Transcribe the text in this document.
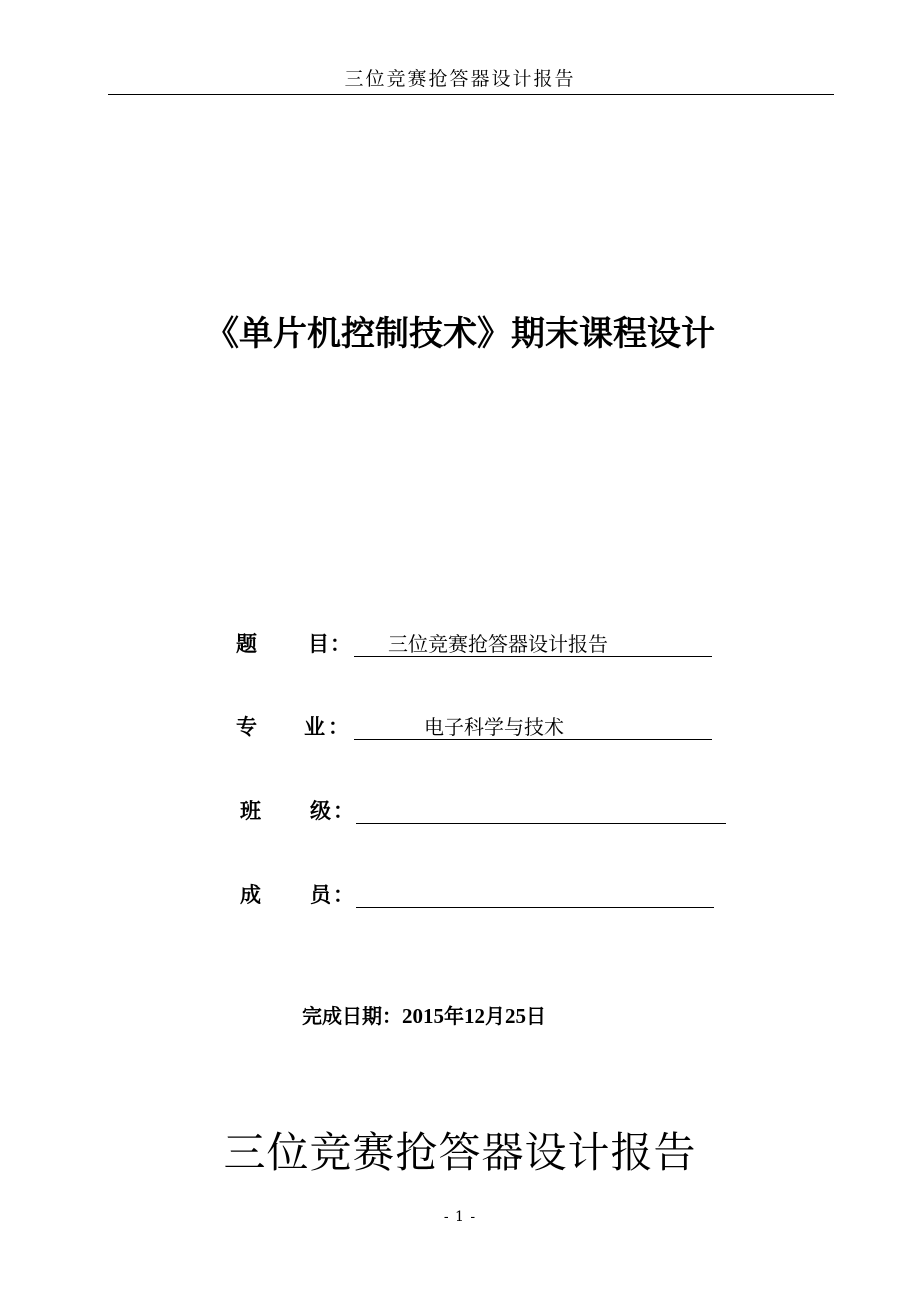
三位竞赛抢答器设计报告
《单片机控制技术》期末课程设计
题 目 ： 三位竞赛抢答器设计报告
专 业 ：	电子科学与技术
班 级 ：
成 员 ：
完成日期：2015年12月25日
三位竞赛抢答器设计报告
- 1 -
